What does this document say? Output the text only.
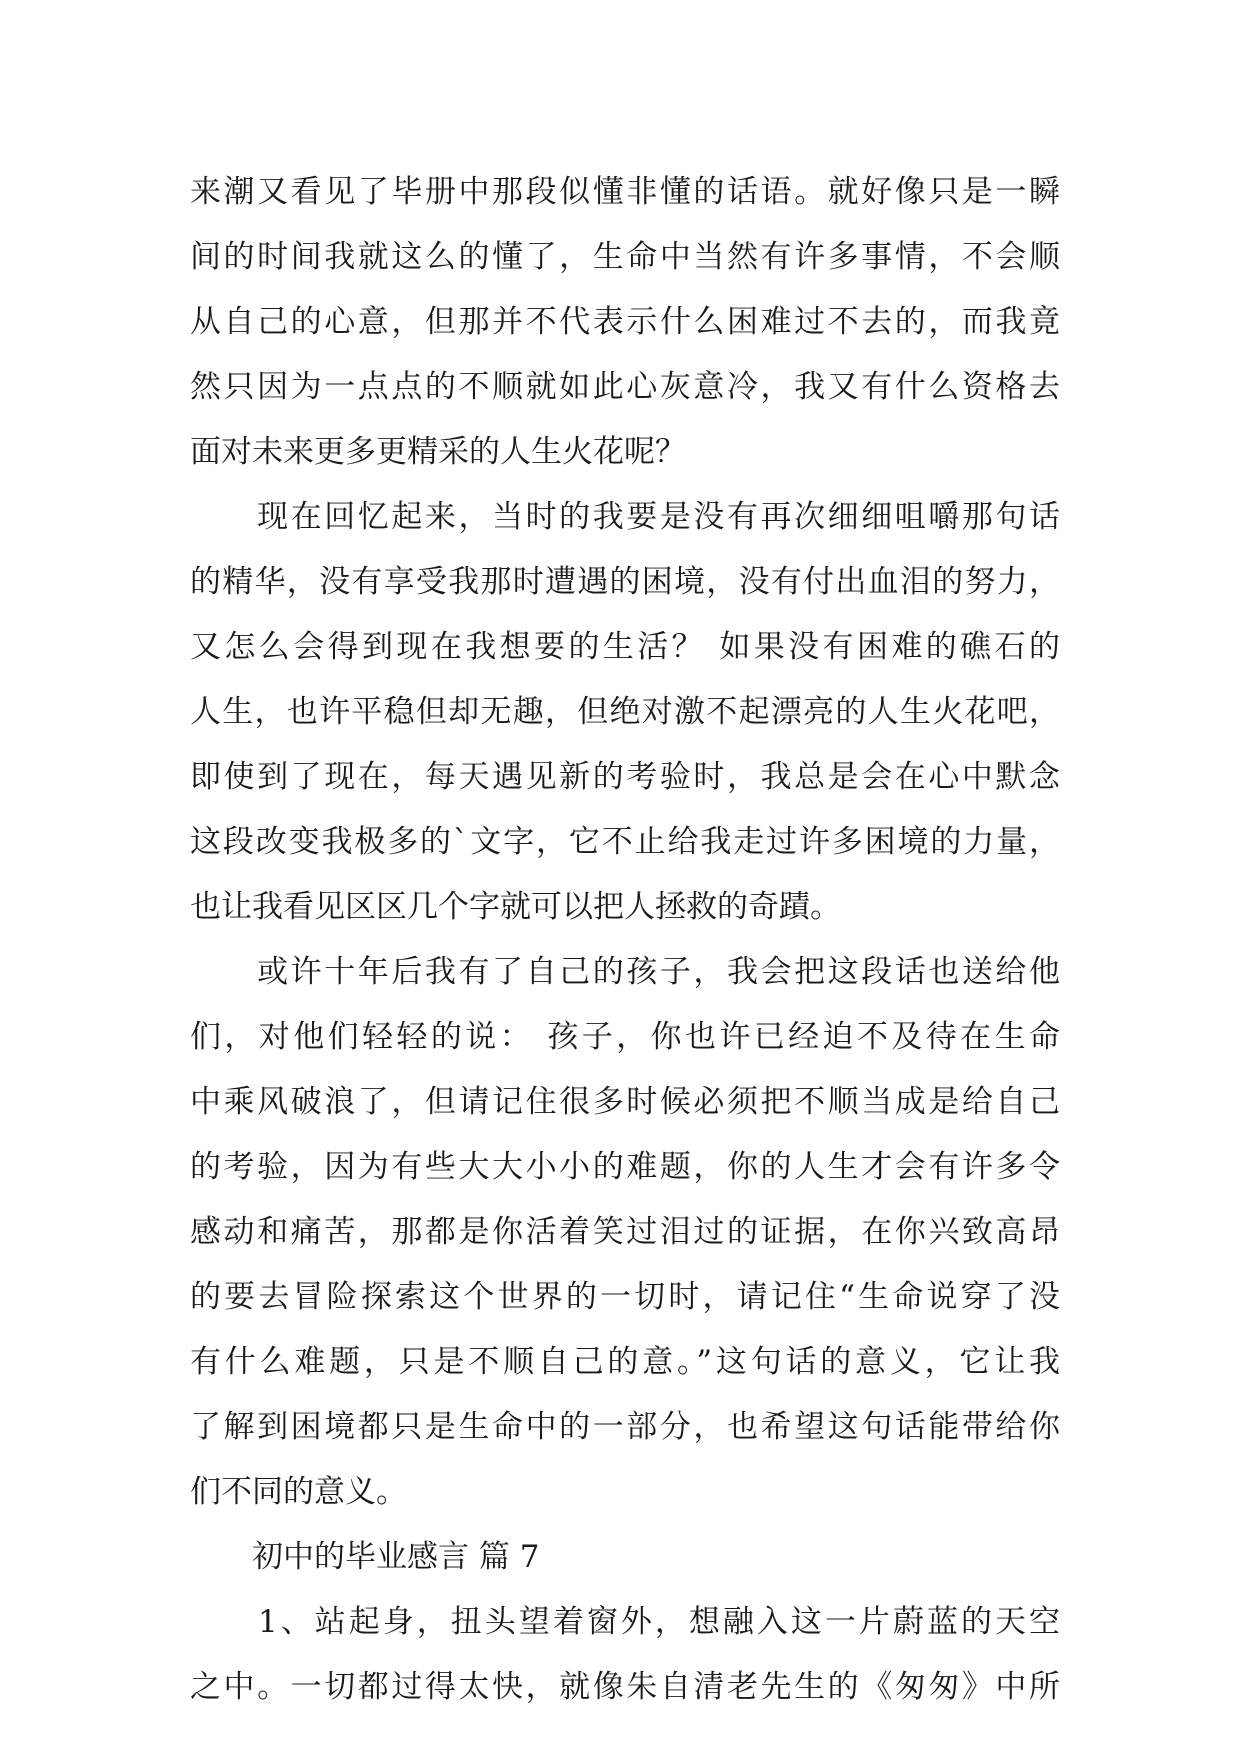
来潮又看见了毕册中那段似懂非懂的话语。就好像只是一瞬
间的时间我就这么的懂了，生命中当然有许多事情，不会顺
从自己的心意，但那并不代表示什么困难过不去的，而我竟
然只因为一点点的不顺就如此心灰意冷，我又有什么资格去
面对未来更多更精采的人生火花呢？
　　现在回忆起来，当时的我要是没有再次细细咀嚼那句话
的精华，没有享受我那时遭遇的困境，没有付出血泪的努力，
又怎么会得到现在我想要的生活？ 如果没有困难的礁石的
人生，也许平稳但却无趣，但绝对激不起漂亮的人生火花吧，
即使到了现在，每天遇见新的考验时，我总是会在心中默念
这段改变我极多的`文字，它不止给我走过许多困境的力量，
也让我看见区区几个字就可以把人拯救的奇蹟。
　　或许十年后我有了自己的孩子，我会把这段话也送给他
们，对他们轻轻的说： 孩子，你也许已经迫不及待在生命
中乘风破浪了，但请记住很多时候必须把不顺当成是给自己
的考验，因为有些大大小小的难题，你的人生才会有许多令
感动和痛苦，那都是你活着笑过泪过的证据，在你兴致高昂
的要去冒险探索这个世界的一切时，请记住“生命说穿了没
有什么难题，只是不顺自己的意。”这句话的意义，它让我
了解到困境都只是生命中的一部分，也希望这句话能带给你
们不同的意义。
　　初中的毕业感言 篇 7
　　1、站起身，扭头望着窗外，想融入这一片蔚蓝的天空
之中。一切都过得太快，就像朱自清老先生的《匆匆》中所
